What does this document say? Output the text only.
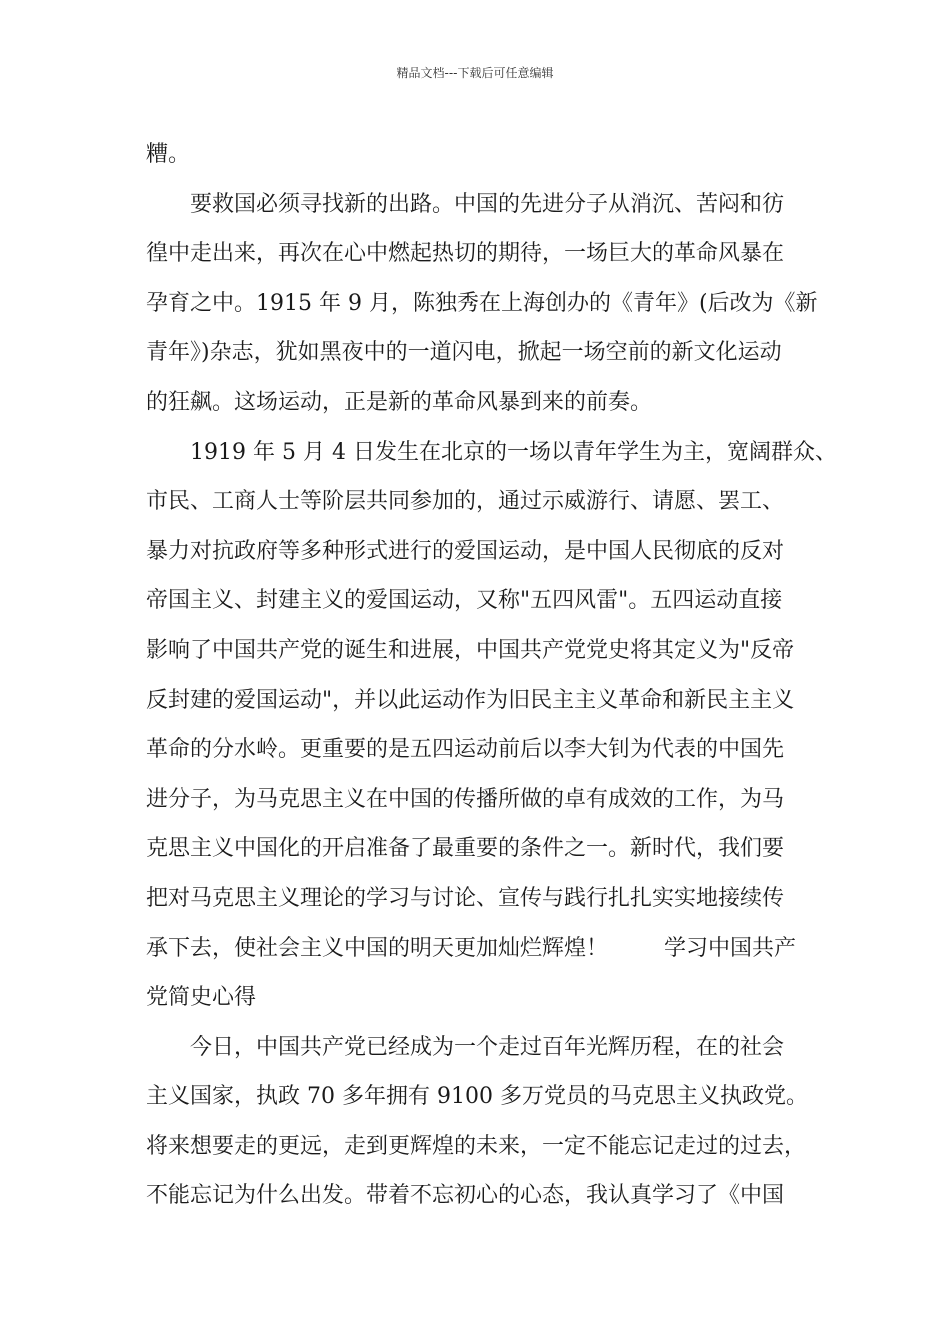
精品文档---下载后可任意编辑
糟。
要救国必须寻找新的出路。中国的先进分子从消沉、苦闷和彷
徨中走出来，再次在心中燃起热切的期待，一场巨大的革命风暴在
孕育之中。1915 年 9 月，陈独秀在上海创办的《青年》(后改为《新
青年》)杂志，犹如黑夜中的一道闪电，掀起一场空前的新文化运动
的狂飙。这场运动，正是新的革命风暴到来的前奏。
1919 年 5 月 4 日发生在北京的一场以青年学生为主，宽阔群众、
市民、工商人士等阶层共同参加的，通过示威游行、请愿、罢工、
暴力对抗政府等多种形式进行的爱国运动，是中国人民彻底的反对
帝国主义、封建主义的爱国运动，又称"五四风雷"。五四运动直接
影响了中国共产党的诞生和进展，中国共产党党史将其定义为"反帝
反封建的爱国运动"，并以此运动作为旧民主主义革命和新民主主义
革命的分水岭。更重要的是五四运动前后以李大钊为代表的中国先
进分子，为马克思主义在中国的传播所做的卓有成效的工作，为马
克思主义中国化的开启准备了最重要的条件之一。新时代，我们要
把对马克思主义理论的学习与讨论、宣传与践行扎扎实实地接续传
承下去，使社会主义中国的明天更加灿烂辉煌！	学习中国共产
党简史心得
今日，中国共产党已经成为一个走过百年光辉历程，在的社会
主义国家，执政 70 多年拥有 9100 多万党员的马克思主义执政党。
将来想要走的更远，走到更辉煌的未来，一定不能忘记走过的过去，
不能忘记为什么出发。带着不忘初心的心态，我认真学习了《中国
